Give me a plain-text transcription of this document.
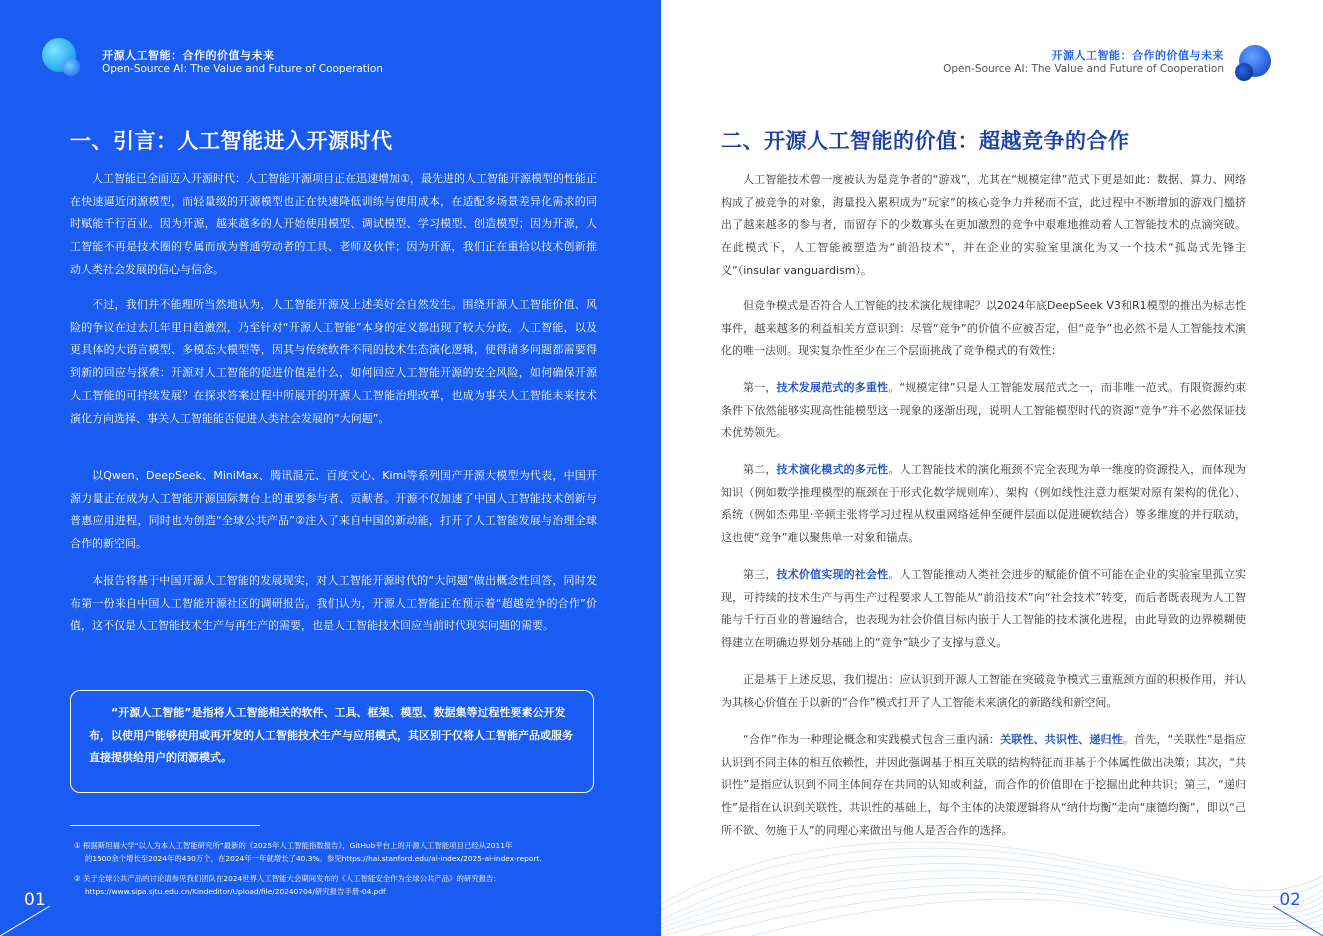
开源人工智能：合作的价值与未来
Open-Source AI: The Value and Future of Cooperation
一、引言：人工智能进入开源时代

人工智能已全面迈入开源时代：人工智能开源项目正在迅速增加①，最先进的人工智能开源模型的性能正在快速逼近闭源模型，而轻量级的开源模型也正在快速降低训练与使用成本，在适配多场景差异化需求的同时赋能千行百业。因为开源，越来越多的人开始使用模型、调试模型、学习模型、创造模型；因为开源，人工智能不再是技术圈的专属而成为普通劳动者的工具、老师及伙伴；因为开源，我们正在重拾以技术创新推动人类社会发展的信心与信念。

不过，我们并不能理所当然地认为，人工智能开源及上述美好会自然发生。围绕开源人工智能价值、风险的争议在过去几年里日趋激烈，乃至针对“开源人工智能”本身的定义都出现了较大分歧。人工智能，以及更具体的大语言模型、多模态大模型等，因其与传统软件不同的技术生态演化逻辑，使得诸多问题都需要得到新的回应与探索：开源对人工智能的促进价值是什么，如何回应人工智能开源的安全风险，如何确保开源人工智能的可持续发展？在探求答案过程中所展开的开源人工智能治理改革，也成为事关人工智能未来技术演化方向选择、事关人工智能能否促进人类社会发展的“大问题”。

以Qwen、DeepSeek、MiniMax、腾讯混元、百度文心、Kimi等系列国产开源大模型为代表，中国开源力量正在成为人工智能开源国际舞台上的重要参与者、贡献者。开源不仅加速了中国人工智能技术创新与普惠应用进程，同时也为创造“全球公共产品”②注入了来自中国的新动能，打开了人工智能发展与治理全球合作的新空间。

本报告将基于中国开源人工智能的发展现实，对人工智能开源时代的“大问题”做出概念性回答，同时发布第一份来自中国人工智能开源社区的调研报告。我们认为，开源人工智能正在预示着“超越竞争的合作”价值，这不仅是人工智能技术生产与再生产的需要，也是人工智能技术回应当前时代现实问题的需要。

“开源人工智能”是指将人工智能相关的软件、工具、框架、模型、数据集等过程性要素公开发布，以使用户能够使用或再开发的人工智能技术生产与应用模式，其区别于仅将人工智能产品或服务直接提供给用户的闭源模式。

① 根据斯坦福大学“以人为本人工智能研究所”最新的《2025年人工智能指数报告》，GitHub平台上的开源人工智能项目已经从2011年
的1500余个增长至2024年的430万个，在2024年一年就增长了40.3%。参见https://hai.stanford.edu/ai-index/2025-ai-index-report.

② 关于全球公共产品的讨论请参见我们团队在2024世界人工智能大会期间发布的《人工智能安全作为全球公共产品》的研究报告:
https://www.sipa.sjtu.edu.cn/Kindeditor/Upload/file/20240704/研究报告手册-04.pdf

01
开源人工智能：合作的价值与未来
Open-Source AI: The Value and Future of Cooperation
二、开源人工智能的价值：超越竞争的合作

人工智能技术曾一度被认为是竞争者的“游戏”，尤其在“规模定律”范式下更是如此：数据、算力、网络构成了被竞争的对象，海量投入累积成为“玩家”的核心竞争力并秘而不宣，此过程中不断增加的游戏门槛挤出了越来越多的参与者，而留存下的少数寡头在更加激烈的竞争中艰难地推动着人工智能技术的点滴突破。在此模式下，人工智能被塑造为“前沿技术”，并在企业的实验室里演化为又一个技术“孤岛式先锋主义”（insular vanguardism）。

但竞争模式是否符合人工智能的技术演化规律呢？以2024年底DeepSeek V3和R1模型的推出为标志性事件，越来越多的利益相关方意识到：尽管“竞争”的价值不应被否定，但“竞争”也必然不是人工智能技术演化的唯一法则。现实复杂性至少在三个层面挑战了竞争模式的有效性：

第一，技术发展范式的多重性。“规模定律”只是人工智能发展范式之一，而非唯一范式。有限资源约束条件下依然能够实现高性能模型这一现象的逐渐出现，说明人工智能模型时代的资源“竞争”并不必然保证技术优势领先。

第二，技术演化模式的多元性。人工智能技术的演化瓶颈不完全表现为单一维度的资源投入，而体现为知识（例如数学推理模型的瓶颈在于形式化数学规则库）、架构（例如线性注意力框架对原有架构的优化）、系统（例如杰弗里·辛顿主张将学习过程从权重网络延伸至硬件层面以促进硬软结合）等多维度的并行联动，这也使“竞争”难以聚焦单一对象和锚点。

第三，技术价值实现的社会性。人工智能推动人类社会进步的赋能价值不可能在企业的实验室里孤立实现，可持续的技术生产与再生产过程要求人工智能从“前沿技术”向“社会技术”转变，而后者既表现为人工智能与千行百业的普遍结合，也表现为社会价值目标内嵌于人工智能的技术演化进程，由此导致的边界模糊使得建立在明确边界划分基础上的“竞争”缺少了支撑与意义。

正是基于上述反思，我们提出：应认识到开源人工智能在突破竞争模式三重瓶颈方面的积极作用，并认为其核心价值在于以新的“合作”模式打开了人工智能未来演化的新路线和新空间。

“合作”作为一种理论概念和实践模式包含三重内涵：关联性、共识性、递归性。首先，“关联性”是指应认识到不同主体的相互依赖性，并因此强调基于相互关联的结构特征而非基于个体属性做出决策；其次，“共识性”是指应认识到不同主体间存在共同的认知或利益，而合作的价值即在于挖掘出此种共识；第三，“递归性”是指在认识到关联性、共识性的基础上，每个主体的决策逻辑将从“纳什均衡”走向“康德均衡”，即以“己所不欲、勿施于人”的同理心来做出与他人是否合作的选择。

02
